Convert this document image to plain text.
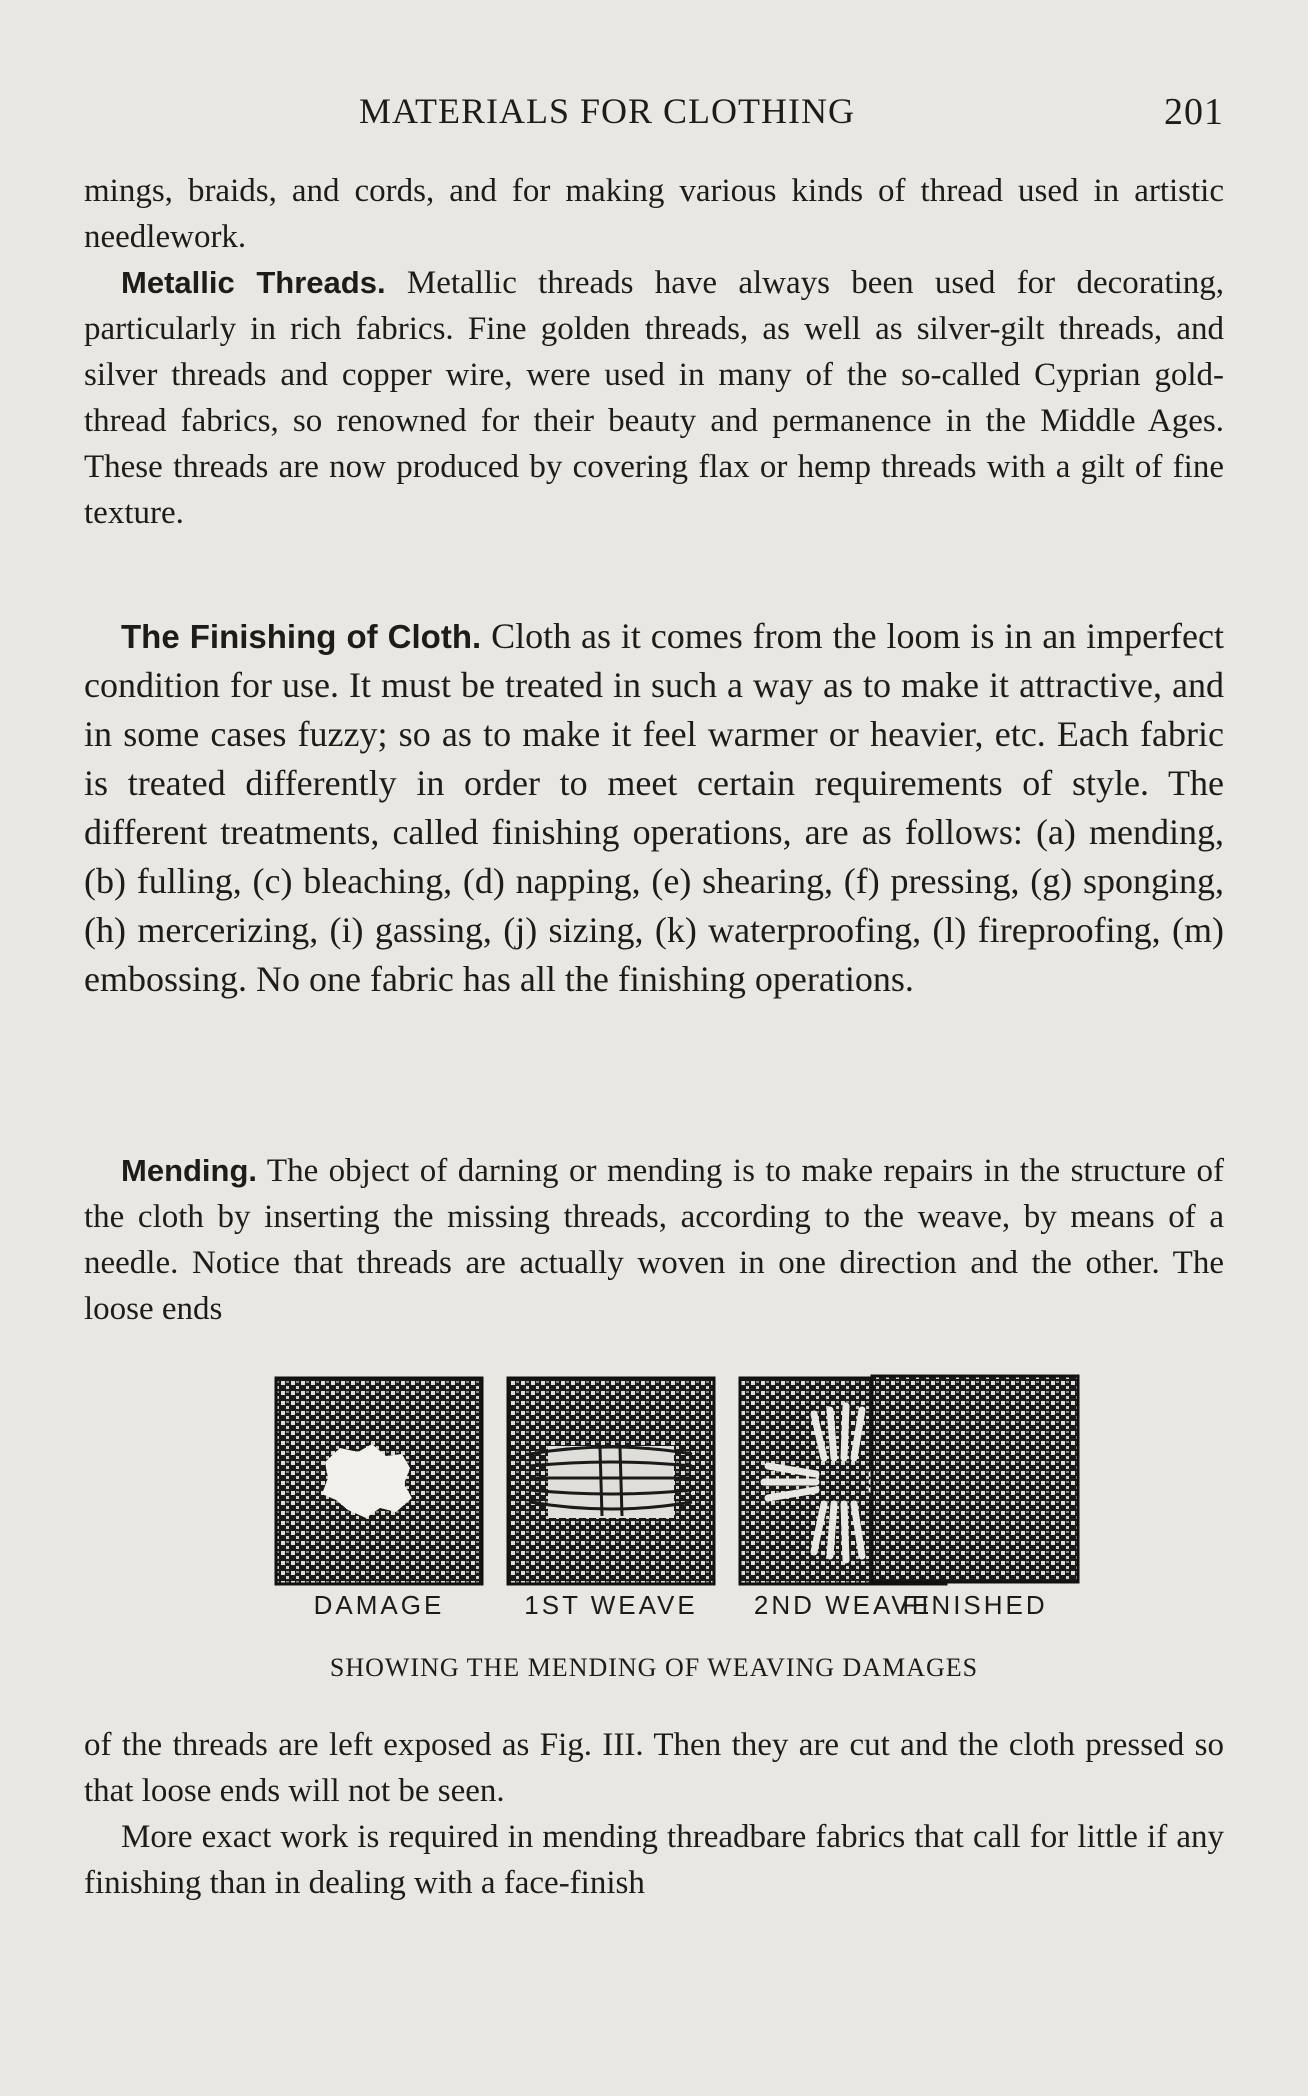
MATERIALS FOR CLOTHING	201

mings, braids, and cords, and for making various kinds of thread used in artistic needlework.

Metallic Threads. Metallic threads have always been used for decorating, particularly in rich fabrics. Fine golden threads, as well as silver-gilt threads, and silver threads and copper wire, were used in many of the so-called Cyprian gold-thread fabrics, so renowned for their beauty and permanence in the Middle Ages. These threads are now produced by covering flax or hemp threads with a gilt of fine texture.

The Finishing of Cloth. Cloth as it comes from the loom is in an imperfect condition for use. It must be treated in such a way as to make it attractive, and in some cases fuzzy; so as to make it feel warmer or heavier, etc. Each fabric is treated differently in order to meet certain requirements of style. The different treatments, called finishing operations, are as follows: (a) mending, (b) fulling, (c) bleaching, (d) napping, (e) shearing, (f) pressing, (g) sponging, (h) mercerizing, (i) gassing, (j) sizing, (k) waterproofing, (l) fireproofing, (m) embossing. No one fabric has all the finishing operations.

Mending. The object of darning or mending is to make repairs in the structure of the cloth by inserting the missing threads, according to the weave, by means of a needle. Notice that threads are actually woven in one direction and the other. The loose ends

DAMAGE	1ST WEAVE	2ND WEAVE
FINISHED
SHOWING THE MENDING OF WEAVING DAMAGES

of the threads are left exposed as Fig. III. Then they are cut and the cloth pressed so that loose ends will not be seen.

More exact work is required in mending threadbare fabrics that call for little if any finishing than in dealing with a face-finish
